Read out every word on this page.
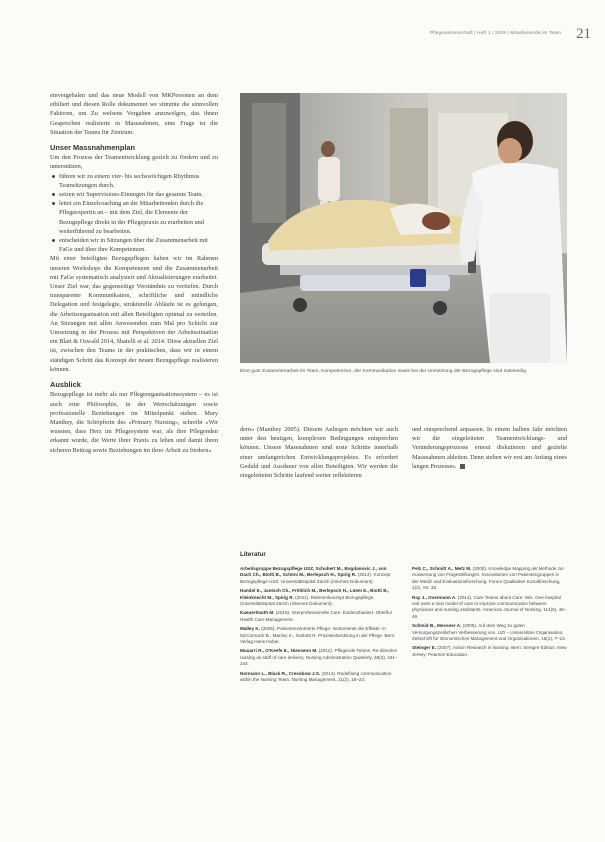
Pflegewissenschaft | Heft 1 / 2019 | Mitarbeitende im Team 21

einvergebalen und das neue Modell von MKPersonen an dem etbiliert und diesen Rolle dokumentet we stimmte die sinnvollen Faktoren, um Zu welsens Vorgaben anzuwelgen, das ihnen Geaprochen realisierte in Massnahmen, eine Frage ist die Situation der Teams für Zentrum.

Unser Massnahmenplan

Um den Prozess der Teamentwicklung gezielt zu fördern und zu unterstützen,

führen wir zu einem vier- bis sechswöchigen Rhythmus Teamsitzungen durch.
setzen wir Supervisions-Einungen für das gesamte Team.
leitet ein Einzelcoaching an die Mitarbeitenden durch die Pflegeexpertin an – mit dem Ziel, die Elemente der Bezugspflege direkt in der Pflegepraxis zu erarbeiten und weiterführend zu bearbeiten.
entscheiden wir in Sitzungen über die Zusammenarbeit mit FaGe und über ihre Kompetenzen.

Mit einer beteiligten Bezugspflegen haben wir im Rahmen unseren Workshops die Kompetenzen und die Zusammenarbeit mit FaGe systematisch analysiert und Aktualisierungen erarbeitet. Unser Ziel war, das gegenseitige Verständnis zu vertiefen. Durch transparente Kommunikation, schriftliche und mündliche Delegation und festgelegte, strukturelle Abläufe ist es gelungen, die Arbeitsorganisation mit allen Beteiligten optimal zu verteilen. An Sitzungen mit allen Anwesenden zum Mal pro Schicht zur Umsetzung in der Prozess mit Perspektiven der Arbeitssituation ein Blatt & Oswald 2014, Shatelli et al. 2014. Diese aktuellen Ziel ist, zwischen den Teams in der praktischen, dass wir in einem ständigen Schritt das Konzept der neuen Bezugspflege realisieren können.

Ausblick

Bezugspflege ist mehr als nur Pflegeorganisationssystem – es ist auch eine Philosophie, in der Wertschätzungen sowie professionelle Beziehungen im Mittelpunkt stehen. Mary Manthey, die Schöpferin des «Primary Nursing», schreibt «Wir wussten, dass Herz im Pflegesystem war, als ihre Pflegenden erkannt wurde, die Werte ihrer Praxis zu leben und damit ihren sicheren Beitrag sowie Beziehungen im ihrer Arbeit zu fördern»

Eine gute Zusammenarbeit im Team, Kompetenzen, der Kommunikation sowie bei der Umsetzung der Bezugspflege sind notwendig.

dern» (Manthey 2005). Diesem Anliegen möchten wir auch unter den heutigen, komplexen Bedingungen entsprechen können. Unsere Massnahmen sind erste Schritte innerhalb einer umfangreichen Entwicklungsprojektes. Es erfordert Geduld und Ausdauer von allen Beteiligten. Wir werden die eingeleiteten Schritte laufend weiter reflektieren

und entsprechend anpassen. In einem halben Jahr möchten wir die eingeleiteten Teamentwicklungs- und Veränderungsprozesse erneut diskutieren und gezielte Massnahmen ableiten. Denn stehen wir erst am Anfang eines langen Prozesses.

Literatur
Arbeitsgruppe Bezugspflege USZ, Schubert M., Bogdanovic J., von Dach Ch., Biotti B., Schöni M., Berlepsch H., Spirig R. (2014). Konzept Bezugspflege USZ. Universitätsspital Zürich (internes Dokument).
Handel E., Jantsch Ch., Fröhlich M., Berlepsch H., Lüem E., Biotti B., Kleinknecht M., Spirig R. (2011). Rahmenkonzept Bezugspflege, Universitätsspital Zürich (internes Dokument).
Kaeuerlmuth M. (2018). Interprofessionelle Care: Evidenzbasiert. Oberflur Health Care Management.
Malley K. (2005). Patientenzentrierte Pflege: Instrumente die Effekte. In McCormack B., Manley K., Garbett R. Praxisentwicklung in der Pflege. Bern: Verlag Hans Huber.
Muuarri R., O'Keefe E., Niessenn M. (2012). Pflegende Teams: Re-directive nursing as staff of care delivery. Nursing Administration Quarterly, 36(3), 241–244.
Normann L., Black R., Cressbow J.S. (2014). Redefining communication within the Nursing Team. Nursing Management, 21(2), 18–23.
Pelz C., Schmitt A., Metz M. (2000). Knowledge Mapping als Methode zur Auswertung von Fragestellungen. Innovationen von Patientengruppen in der Mediz und Evaluationsforschung. Forum Qualitative Sozialforschung, 1(2), Art. 35.
Ray J., Overmann A. (2014). Care Teams about Care: Wis. One hospital unit uses a new model of care to improve communication between physicians and nursing assistants. American Journal of Nursing, 114(6), 46–49.
Schmid B., Messner A. (2005). Auf dem Weg zu guten Versorgungszeitlichen Verbesserung von. UZI – Universitäre Organisation, Zeitschrift für ökonomisches Management und Organisationen, 16(2), 7–13.
Steinger E. (2007). Action Research in Nursing. Bern: Sempre Edition. New Jersey: Pearson Education.
